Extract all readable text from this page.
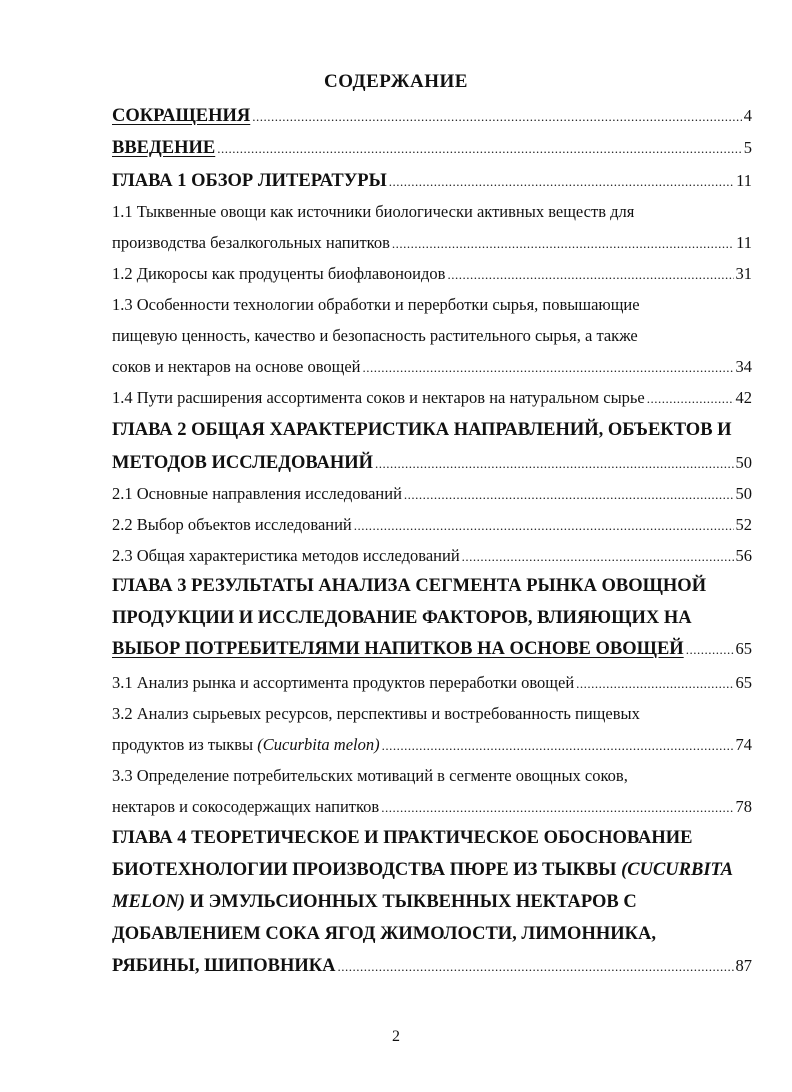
СОДЕРЖАНИЕ
СОКРАЩЕНИЯ .....	4
ВВЕДЕНИЕ .....	5
ГЛАВА 1 ОБЗОР ЛИТЕРАТУРЫ .....	11
1.1 Тыквенные овощи как источники биологически активных веществ для
производства безалкогольных напитков .....	11
1.2 Дикоросы как продуценты биофлавоноидов .....	31
1.3 Особенности технологии обработки и перерботки сырья, повышающие
пищевую ценность, качество и безопасность растительного сырья, а также
соков и нектаров на основе овощей .....	34
1.4 Пути расширения ассортимента соков и нектаров на натуральном сырье .....	42
ГЛАВА 2 ОБЩАЯ ХАРАКТЕРИСТИКА НАПРАВЛЕНИЙ, ОБЪЕКТОВ И
МЕТОДОВ ИССЛЕДОВАНИЙ .....	50
2.1 Основные направления исследований .....	50
2.2 Выбор объектов исследований .....	52
2.3 Общая характеристика методов исследований .....	56
ГЛАВА 3 РЕЗУЛЬТАТЫ АНАЛИЗА СЕГМЕНТА РЫНКА ОВОЩНОЙ
ПРОДУКЦИИ И ИССЛЕДОВАНИЕ ФАКТОРОВ, ВЛИЯЮЩИХ НА
ВЫБОР ПОТРЕБИТЕЛЯМИ НАПИТКОВ НА ОСНОВЕ ОВОЩЕЙ .....	65
3.1 Анализ рынка и ассортимента продуктов переработки овощей .....	65
3.2 Анализ сырьевых ресурсов, перспективы и востребованность пищевых
продуктов из тыквы (Cucurbita melon) .....	74
3.3 Определение потребительских мотиваций в сегменте овощных соков,
нектаров и сокосодержащих напитков .....	78
ГЛАВА 4 ТЕОРЕТИЧЕСКОЕ И ПРАКТИЧЕСКОЕ ОБОСНОВАНИЕ
БИОТЕХНОЛОГИИ ПРОИЗВОДСТВА ПЮРЕ ИЗ ТЫКВЫ (CUCURBITA
MELON) И ЭМУЛЬСИОННЫХ ТЫКВЕННЫХ НЕКТАРОВ С
ДОБАВЛЕНИЕМ СОКА ЯГОД ЖИМОЛОСТИ, ЛИМОННИКА,
РЯБИНЫ, ШИПОВНИКА .....	87
2
